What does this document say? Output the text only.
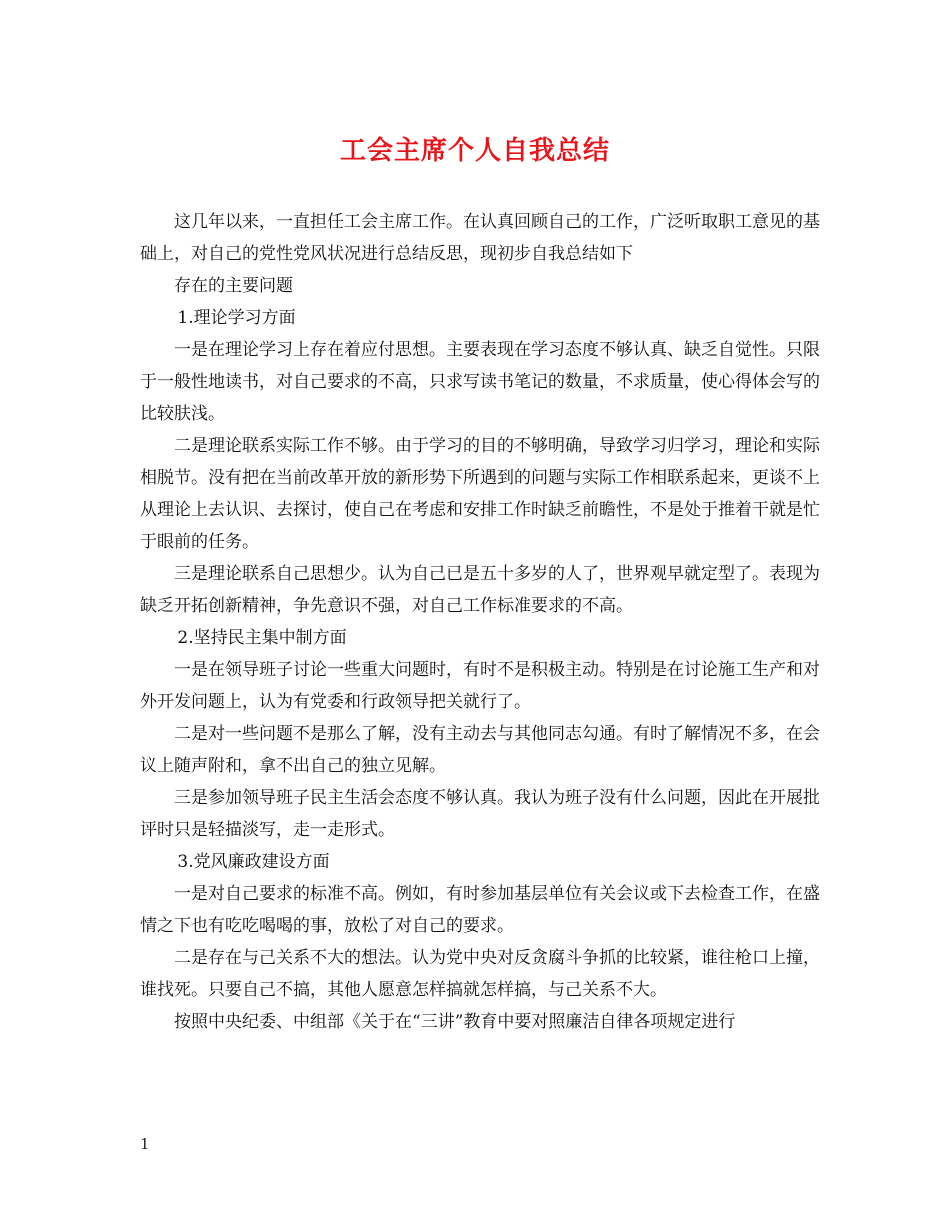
工会主席个人自我总结

这几年以来，一直担任工会主席工作。在认真回顾自己的工作，广泛听取职工意见的基础上，对自己的党性党风状况进行总结反思，现初步自我总结如下

存在的主要问题

1.理论学习方面

一是在理论学习上存在着应付思想。主要表现在学习态度不够认真、缺乏自觉性。只限于一般性地读书，对自己要求的不高，只求写读书笔记的数量，不求质量，使心得体会写的比较肤浅。

二是理论联系实际工作不够。由于学习的目的不够明确，导致学习归学习，理论和实际相脱节。没有把在当前改革开放的新形势下所遇到的问题与实际工作相联系起来，更谈不上从理论上去认识、去探讨，使自己在考虑和安排工作时缺乏前瞻性，不是处于推着干就是忙于眼前的任务。

三是理论联系自己思想少。认为自己已是五十多岁的人了，世界观早就定型了。表现为缺乏开拓创新精神，争先意识不强，对自己工作标准要求的不高。

2.坚持民主集中制方面

一是在领导班子讨论一些重大问题时，有时不是积极主动。特别是在讨论施工生产和对外开发问题上，认为有党委和行政领导把关就行了。

二是对一些问题不是那么了解，没有主动去与其他同志勾通。有时了解情况不多，在会议上随声附和，拿不出自己的独立见解。

三是参加领导班子民主生活会态度不够认真。我认为班子没有什么问题，因此在开展批评时只是轻描淡写，走一走形式。

3.党风廉政建设方面

一是对自己要求的标准不高。例如，有时参加基层单位有关会议或下去检查工作，在盛情之下也有吃吃喝喝的事，放松了对自己的要求。

二是存在与己关系不大的想法。认为党中央对反贪腐斗争抓的比较紧，谁往枪口上撞，谁找死。只要自己不搞，其他人愿意怎样搞就怎样搞，与己关系不大。

按照中央纪委、中组部《关于在“三讲”教育中要对照廉洁自律各项规定进行

1
